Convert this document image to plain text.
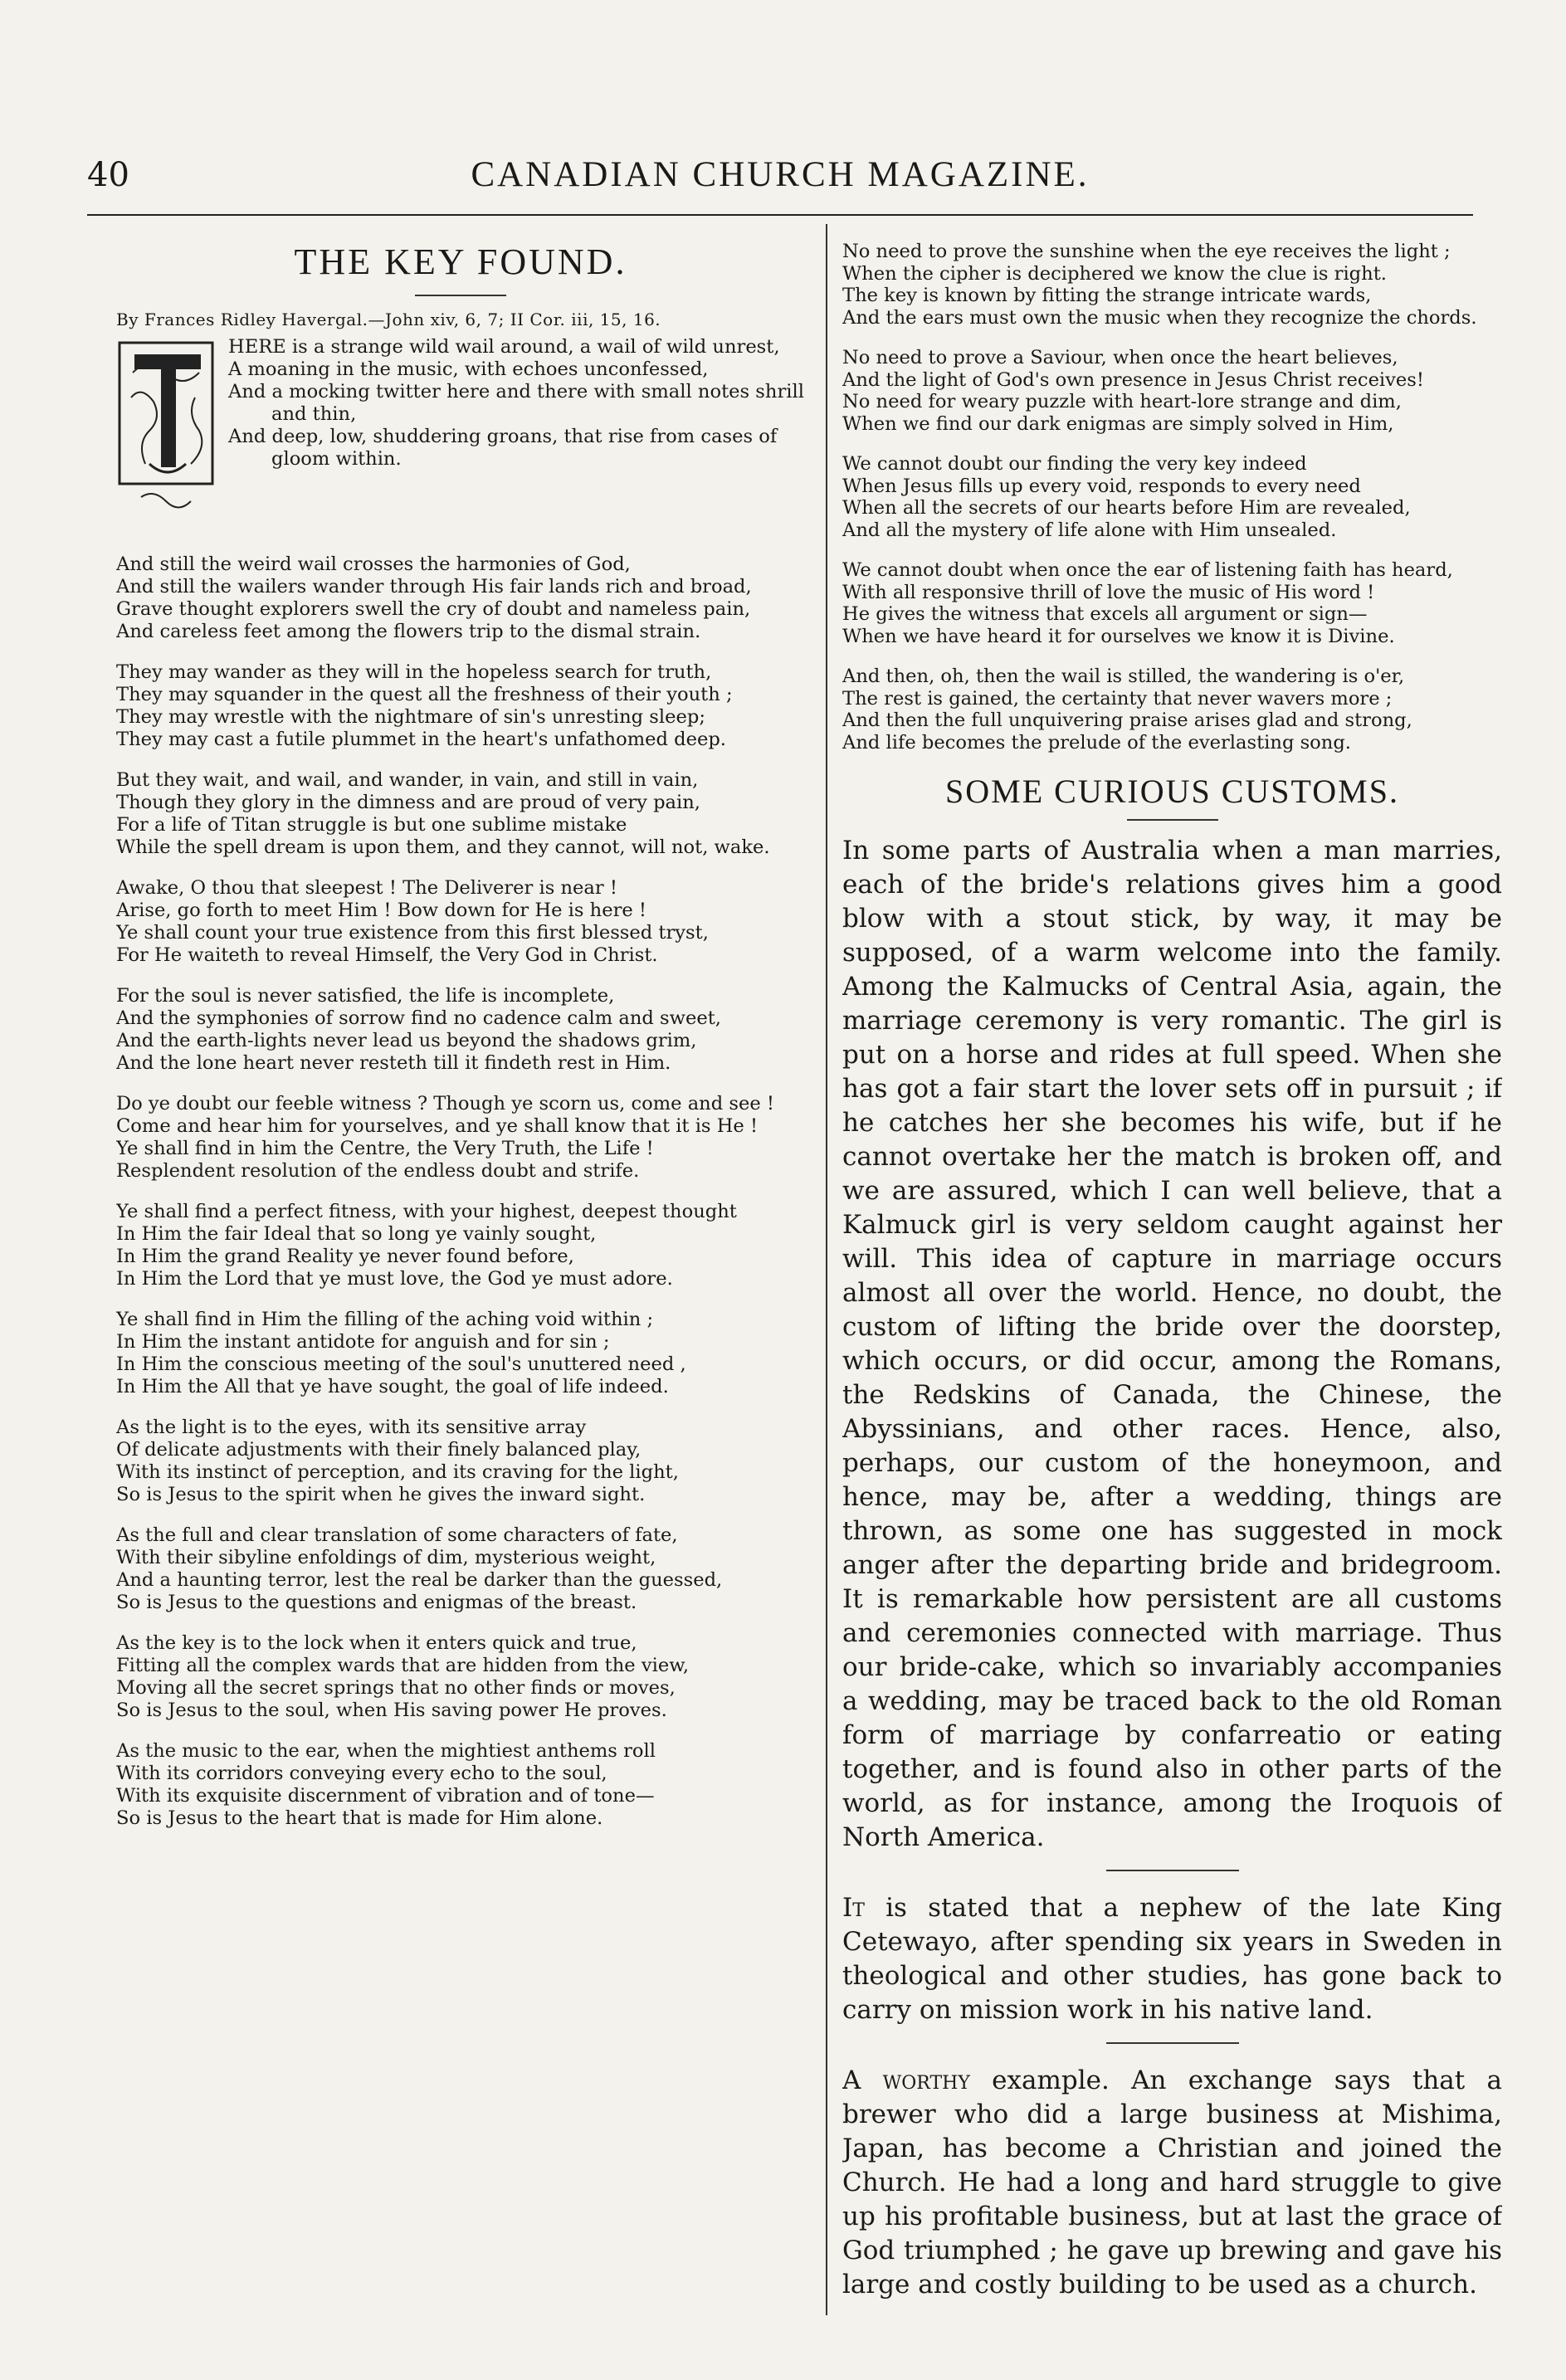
40	CANADIAN CHURCH MAGAZINE.
THE KEY FOUND.
By Frances Ridley Havergal.—John xiv, 6, 7; II Cor. iii, 15, 16.
HERE is a strange wild wail around, a wail of wild unrest,
A moaning in the music, with echoes unconfessed,
And a mocking twitter here and there with small notes shrill and thin,
And deep, low, shuddering groans, that rise from cases of gloom within.
And still the weird wail crosses the harmonies of God,
And still the wailers wander through His fair lands rich and broad,
Grave thought explorers swell the cry of doubt and nameless pain,
And careless feet among the flowers trip to the dismal strain.
They may wander as they will in the hopeless search for truth,
They may squander in the quest all the freshness of their youth ;
They may wrestle with the nightmare of sin's unresting sleep;
They may cast a futile plummet in the heart's unfathomed deep.
But they wait, and wail, and wander, in vain, and still in vain,
Though they glory in the dimness and are proud of very pain,
For a life of Titan struggle is but one sublime mistake
While the spell dream is upon them, and they cannot, will not, wake.
Awake, O thou that sleepest ! The Deliverer is near !
Arise, go forth to meet Him ! Bow down for He is here !
Ye shall count your true existence from this first blessed tryst,
For He waiteth to reveal Himself, the Very God in Christ.
For the soul is never satisfied, the life is incomplete,
And the symphonies of sorrow find no cadence calm and sweet,
And the earth-lights never lead us beyond the shadows grim,
And the lone heart never resteth till it findeth rest in Him.
Do ye doubt our feeble witness ? Though ye scorn us, come and see !
Come and hear him for yourselves, and ye shall know that it is He !
Ye shall find in him the Centre, the Very Truth, the Life !
Resplendent resolution of the endless doubt and strife.
Ye shall find a perfect fitness, with your highest, deepest thought
In Him the fair Ideal that so long ye vainly sought,
In Him the grand Reality ye never found before,
In Him the Lord that ye must love, the God ye must adore.
Ye shall find in Him the filling of the aching void within ;
In Him the instant antidote for anguish and for sin ;
In Him the conscious meeting of the soul's unuttered need ,
In Him the All that ye have sought, the goal of life indeed.
As the light is to the eyes, with its sensitive array
Of delicate adjustments with their finely balanced play,
With its instinct of perception, and its craving for the light,
So is Jesus to the spirit when he gives the inward sight.
As the full and clear translation of some characters of fate,
With their sibyline enfoldings of dim, mysterious weight,
And a haunting terror, lest the real be darker than the guessed,
So is Jesus to the questions and enigmas of the breast.
As the key is to the lock when it enters quick and true,
Fitting all the complex wards that are hidden from the view,
Moving all the secret springs that no other finds or moves,
So is Jesus to the soul, when His saving power He proves.
As the music to the ear, when the mightiest anthems roll
With its corridors conveying every echo to the soul,
With its exquisite discernment of vibration and of tone—
So is Jesus to the heart that is made for Him alone.
No need to prove the sunshine when the eye receives the light ;
When the cipher is deciphered we know the clue is right.
The key is known by fitting the strange intricate wards,
And the ears must own the music when they recognize the chords.
No need to prove a Saviour, when once the heart believes,
And the light of God's own presence in Jesus Christ receives!
No need for weary puzzle with heart-lore strange and dim,
When we find our dark enigmas are simply solved in Him,
We cannot doubt our finding the very key indeed
When Jesus fills up every void, responds to every need
When all the secrets of our hearts before Him are revealed,
And all the mystery of life alone with Him unsealed.
We cannot doubt when once the ear of listening faith has heard,
With all responsive thrill of love the music of His word !
He gives the witness that excels all argument or sign—
When we have heard it for ourselves we know it is Divine.
And then, oh, then the wail is stilled, the wandering is o'er,
The rest is gained, the certainty that never wavers more ;
And then the full unquivering praise arises glad and strong,
And life becomes the prelude of the everlasting song.
SOME CURIOUS CUSTOMS.

In some parts of Australia when a man marries, each of the bride's relations gives him a good blow with a stout stick, by way, it may be supposed, of a warm welcome into the family. Among the Kalmucks of Central Asia, again, the marriage ceremony is very romantic. The girl is put on a horse and rides at full speed. When she has got a fair start the lover sets off in pursuit ; if he catches her she becomes his wife, but if he cannot overtake her the match is broken off, and we are assured, which I can well believe, that a Kalmuck girl is very seldom caught against her will. This idea of capture in marriage occurs almost all over the world. Hence, no doubt, the custom of lifting the bride over the doorstep, which occurs, or did occur, among the Romans, the Redskins of Canada, the Chinese, the Abyssinians, and other races. Hence, also, perhaps, our custom of the honeymoon, and hence, may be, after a wedding, things are thrown, as some one has suggested in mock anger after the departing bride and bridegroom. It is remarkable how persistent are all customs and ceremonies connected with marriage. Thus our bride-cake, which so invariably accompanies a wedding, may be traced back to the old Roman form of marriage by confarreatio or eating together, and is found also in other parts of the world, as for instance, among the Iroquois of North America.

It is stated that a nephew of the late King Cetewayo, after spending six years in Sweden in theological and other studies, has gone back to carry on mission work in his native land.

A worthy example. An exchange says that a brewer who did a large business at Mishima, Japan, has become a Christian and joined the Church. He had a long and hard struggle to give up his profitable business, but at last the grace of God triumphed ; he gave up brewing and gave his large and costly building to be used as a church.
